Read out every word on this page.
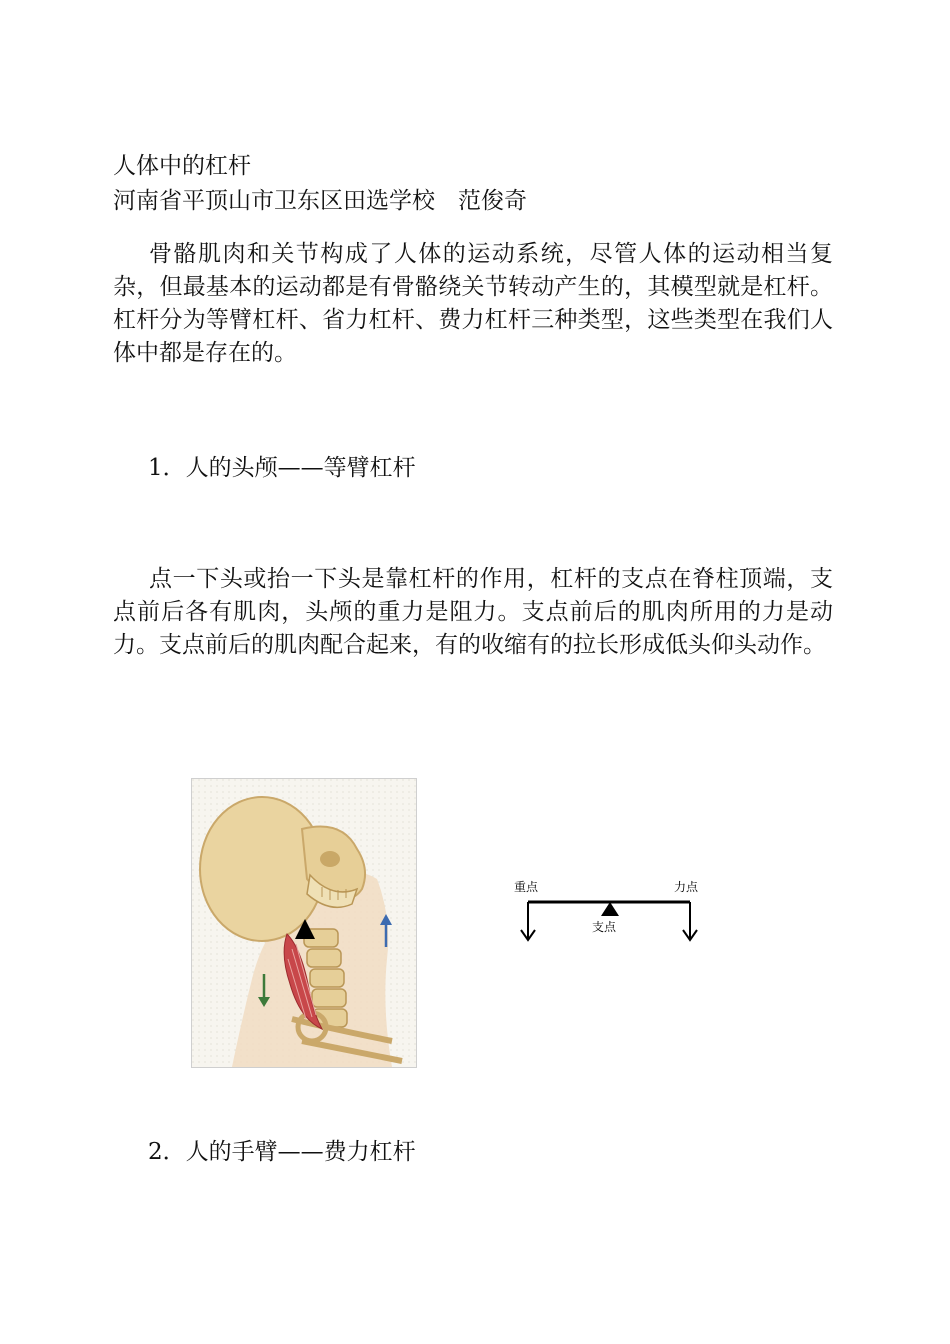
人体中的杠杆
河南省平顶山市卫东区田选学校　范俊奇
骨骼肌肉和关节构成了人体的运动系统，尽管人体的运动相当复杂，但最基本的运动都是有骨骼绕关节转动产生的，其模型就是杠杆。杠杆分为等臂杠杆、省力杠杆、费力杠杆三种类型，这些类型在我们人体中都是存在的。
1．人的头颅——等臂杠杆
点一下头或抬一下头是靠杠杆的作用，杠杆的支点在脊柱顶端，支点前后各有肌肉，头颅的重力是阻力。支点前后的肌肉所用的力是动力。支点前后的肌肉配合起来，有的收缩有的拉长形成低头仰头动作。
重点	力点
支点
2．人的手臂——费力杠杆
